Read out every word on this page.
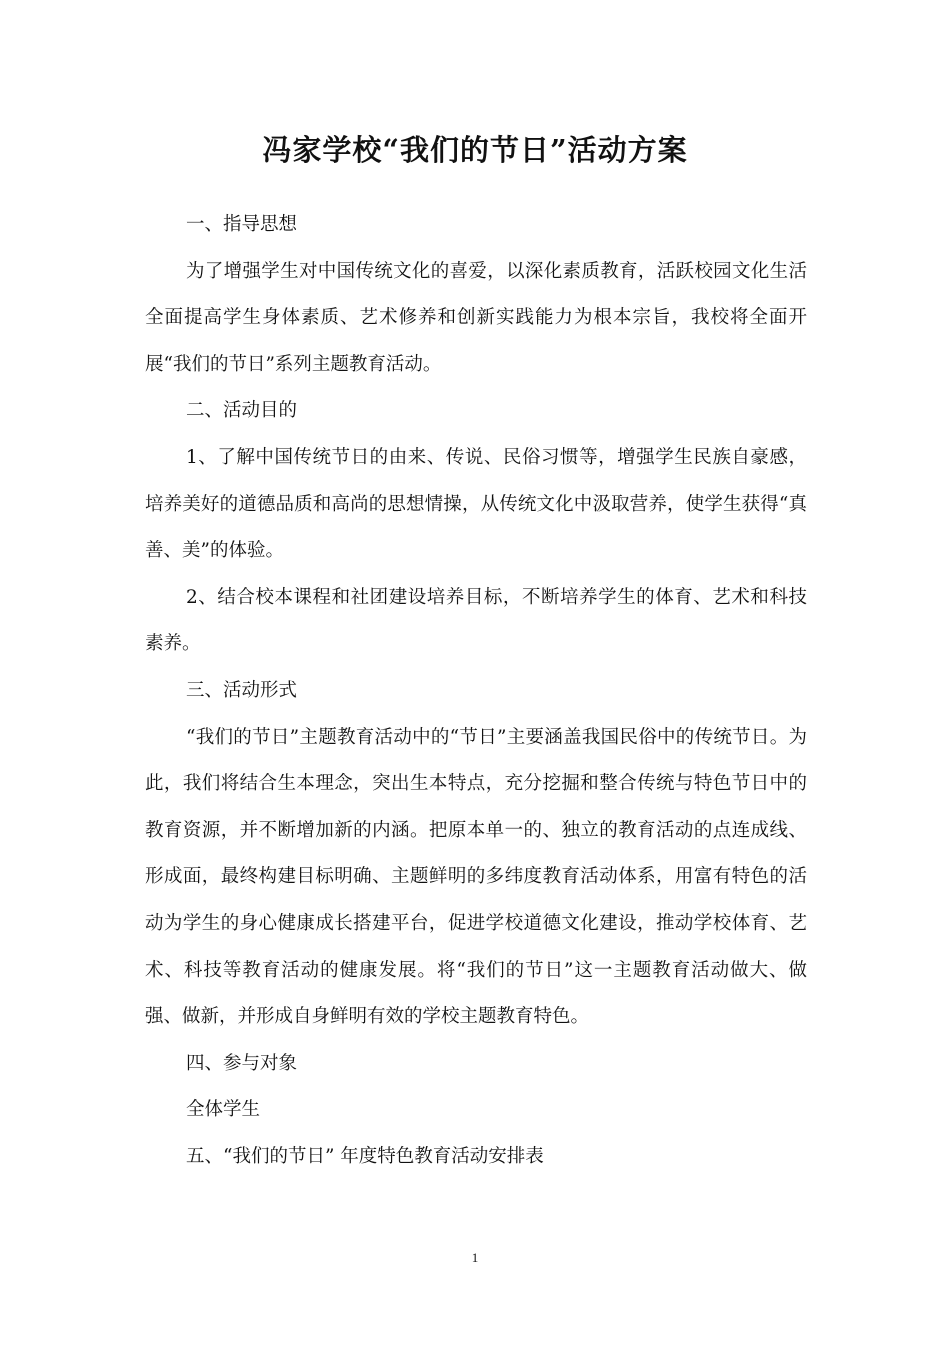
冯家学校“我们的节日”活动方案

一、指导思想

为了增强学生对中国传统文化的喜爱，以深化素质教育，活跃校园文化生活全面提高学生身体素质、艺术修养和创新实践能力为根本宗旨，我校将全面开展“我们的节日”系列主题教育活动。

二、活动目的

1、了解中国传统节日的由来、传说、民俗习惯等，增强学生民族自豪感，培养美好的道德品质和高尚的思想情操，从传统文化中汲取营养，使学生获得“真善、美”的体验。

2、结合校本课程和社团建设培养目标，不断培养学生的体育、艺术和科技素养。

三、活动形式

“我们的节日”主题教育活动中的“节日”主要涵盖我国民俗中的传统节日。为此，我们将结合生本理念，突出生本特点，充分挖掘和整合传统与特色节日中的教育资源，并不断增加新的内涵。把原本单一的、独立的教育活动的点连成线、形成面，最终构建目标明确、主题鲜明的多纬度教育活动体系，用富有特色的活动为学生的身心健康成长搭建平台，促进学校道德文化建设，推动学校体育、艺术、科技等教育活动的健康发展。将“我们的节日”这一主题教育活动做大、做强、做新，并形成自身鲜明有效的学校主题教育特色。

四、参与对象

全体学生

五、“我们的节日” 年度特色教育活动安排表

1
